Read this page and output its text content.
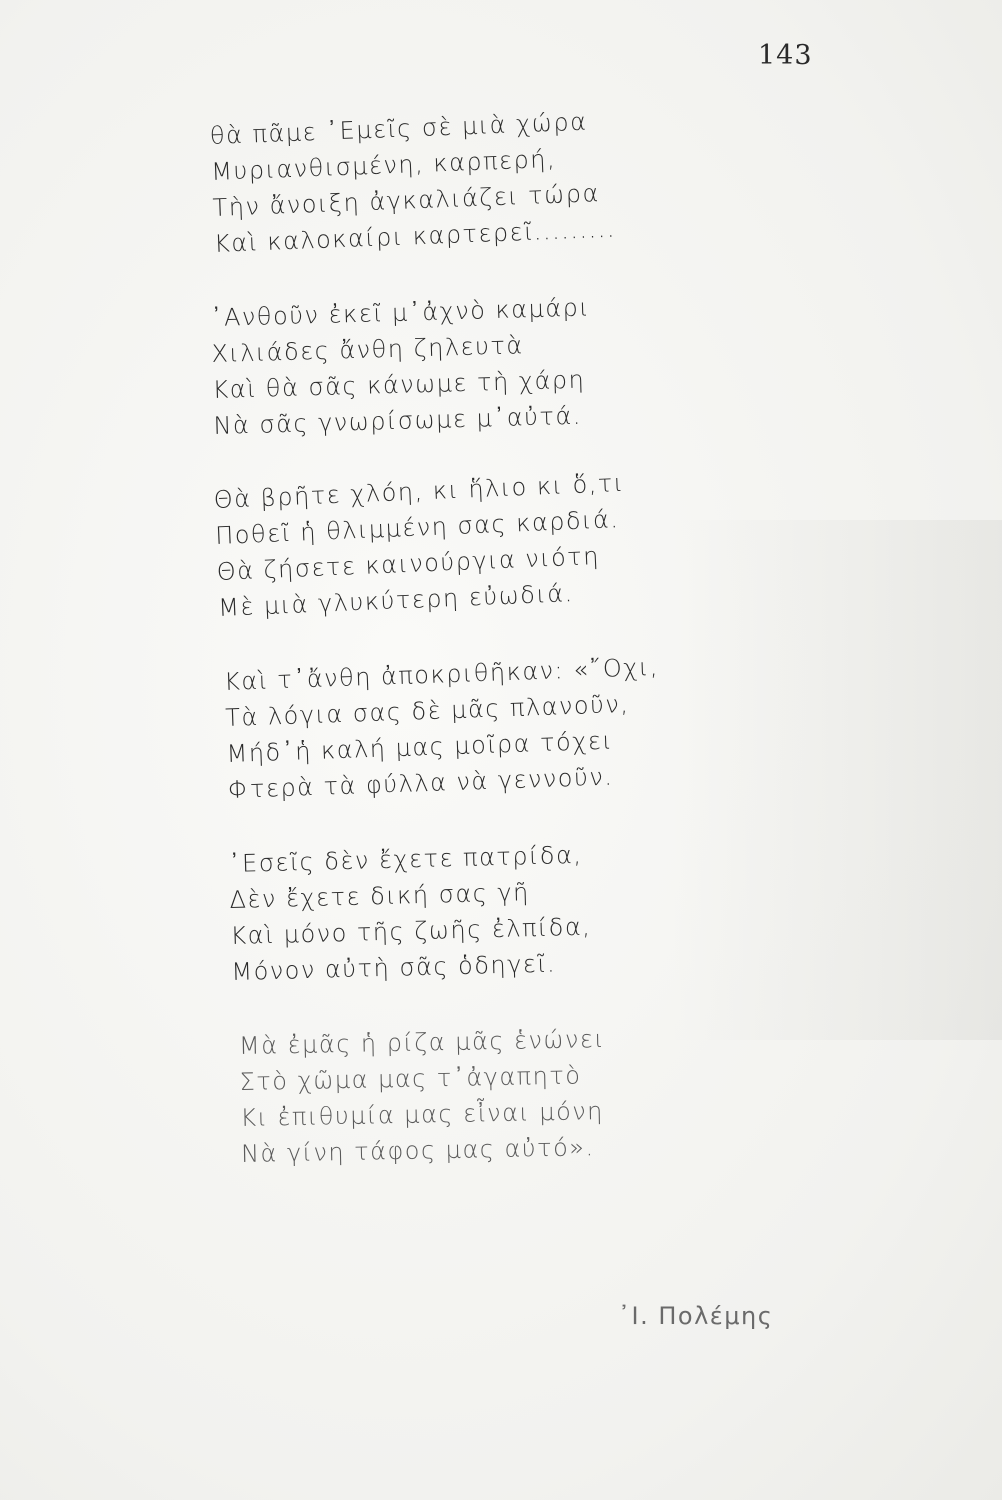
143
θὰ πᾶμε ᾿Εμεῖς σὲ μιὰ χώρα
Μυριανθισμένη, καρπερή,
Τὴν ἄνοιξη ἀγκαλιάζει τώρα
Καὶ καλοκαίρι καρτερεῖ.........
᾿Ανθοῦν ἐκεῖ μ᾿ἀχνὸ καμάρι
Χιλιάδες ἄνθη ζηλευτὰ
Καὶ θὰ σᾶς κάνωμε τὴ χάρη
Νὰ σᾶς γνωρίσωμε μ᾿αὐτά.
Θὰ βρῆτε χλόη, κι ἥλιο κι ὅ,τι
Ποθεῖ ἡ θλιμμένη σας καρδιά.
Θὰ ζήσετε καινούργια νιότη
Μὲ μιὰ γλυκύτερη εὐωδιά.
Καὶ τ᾿ἄνθη ἀποκριθῆκαν: «῎Οχι,
Τὰ λόγια σας δὲ μᾶς πλανοῦν,
Μήδ᾿ἡ καλή μας μοῖρα τόχει
Φτερὰ τὰ φύλλα νὰ γεννοῦν.
᾿Εσεῖς δὲν ἔχετε πατρίδα,
Δὲν ἔχετε δική σας γῆ
Καὶ μόνο τῆς ζωῆς ἐλπίδα,
Μόνον αὐτὴ σᾶς ὁδηγεῖ.
Μὰ ἐμᾶς ἡ ρίζα μᾶς ἑνώνει
Στὸ χῶμα μας τ᾿ἀγαπητὸ
Κι ἐπιθυμία μας εἶναι μόνη
Νὰ γίνη τάφος μας αὐτό».
᾿Ι. Πολέμης
